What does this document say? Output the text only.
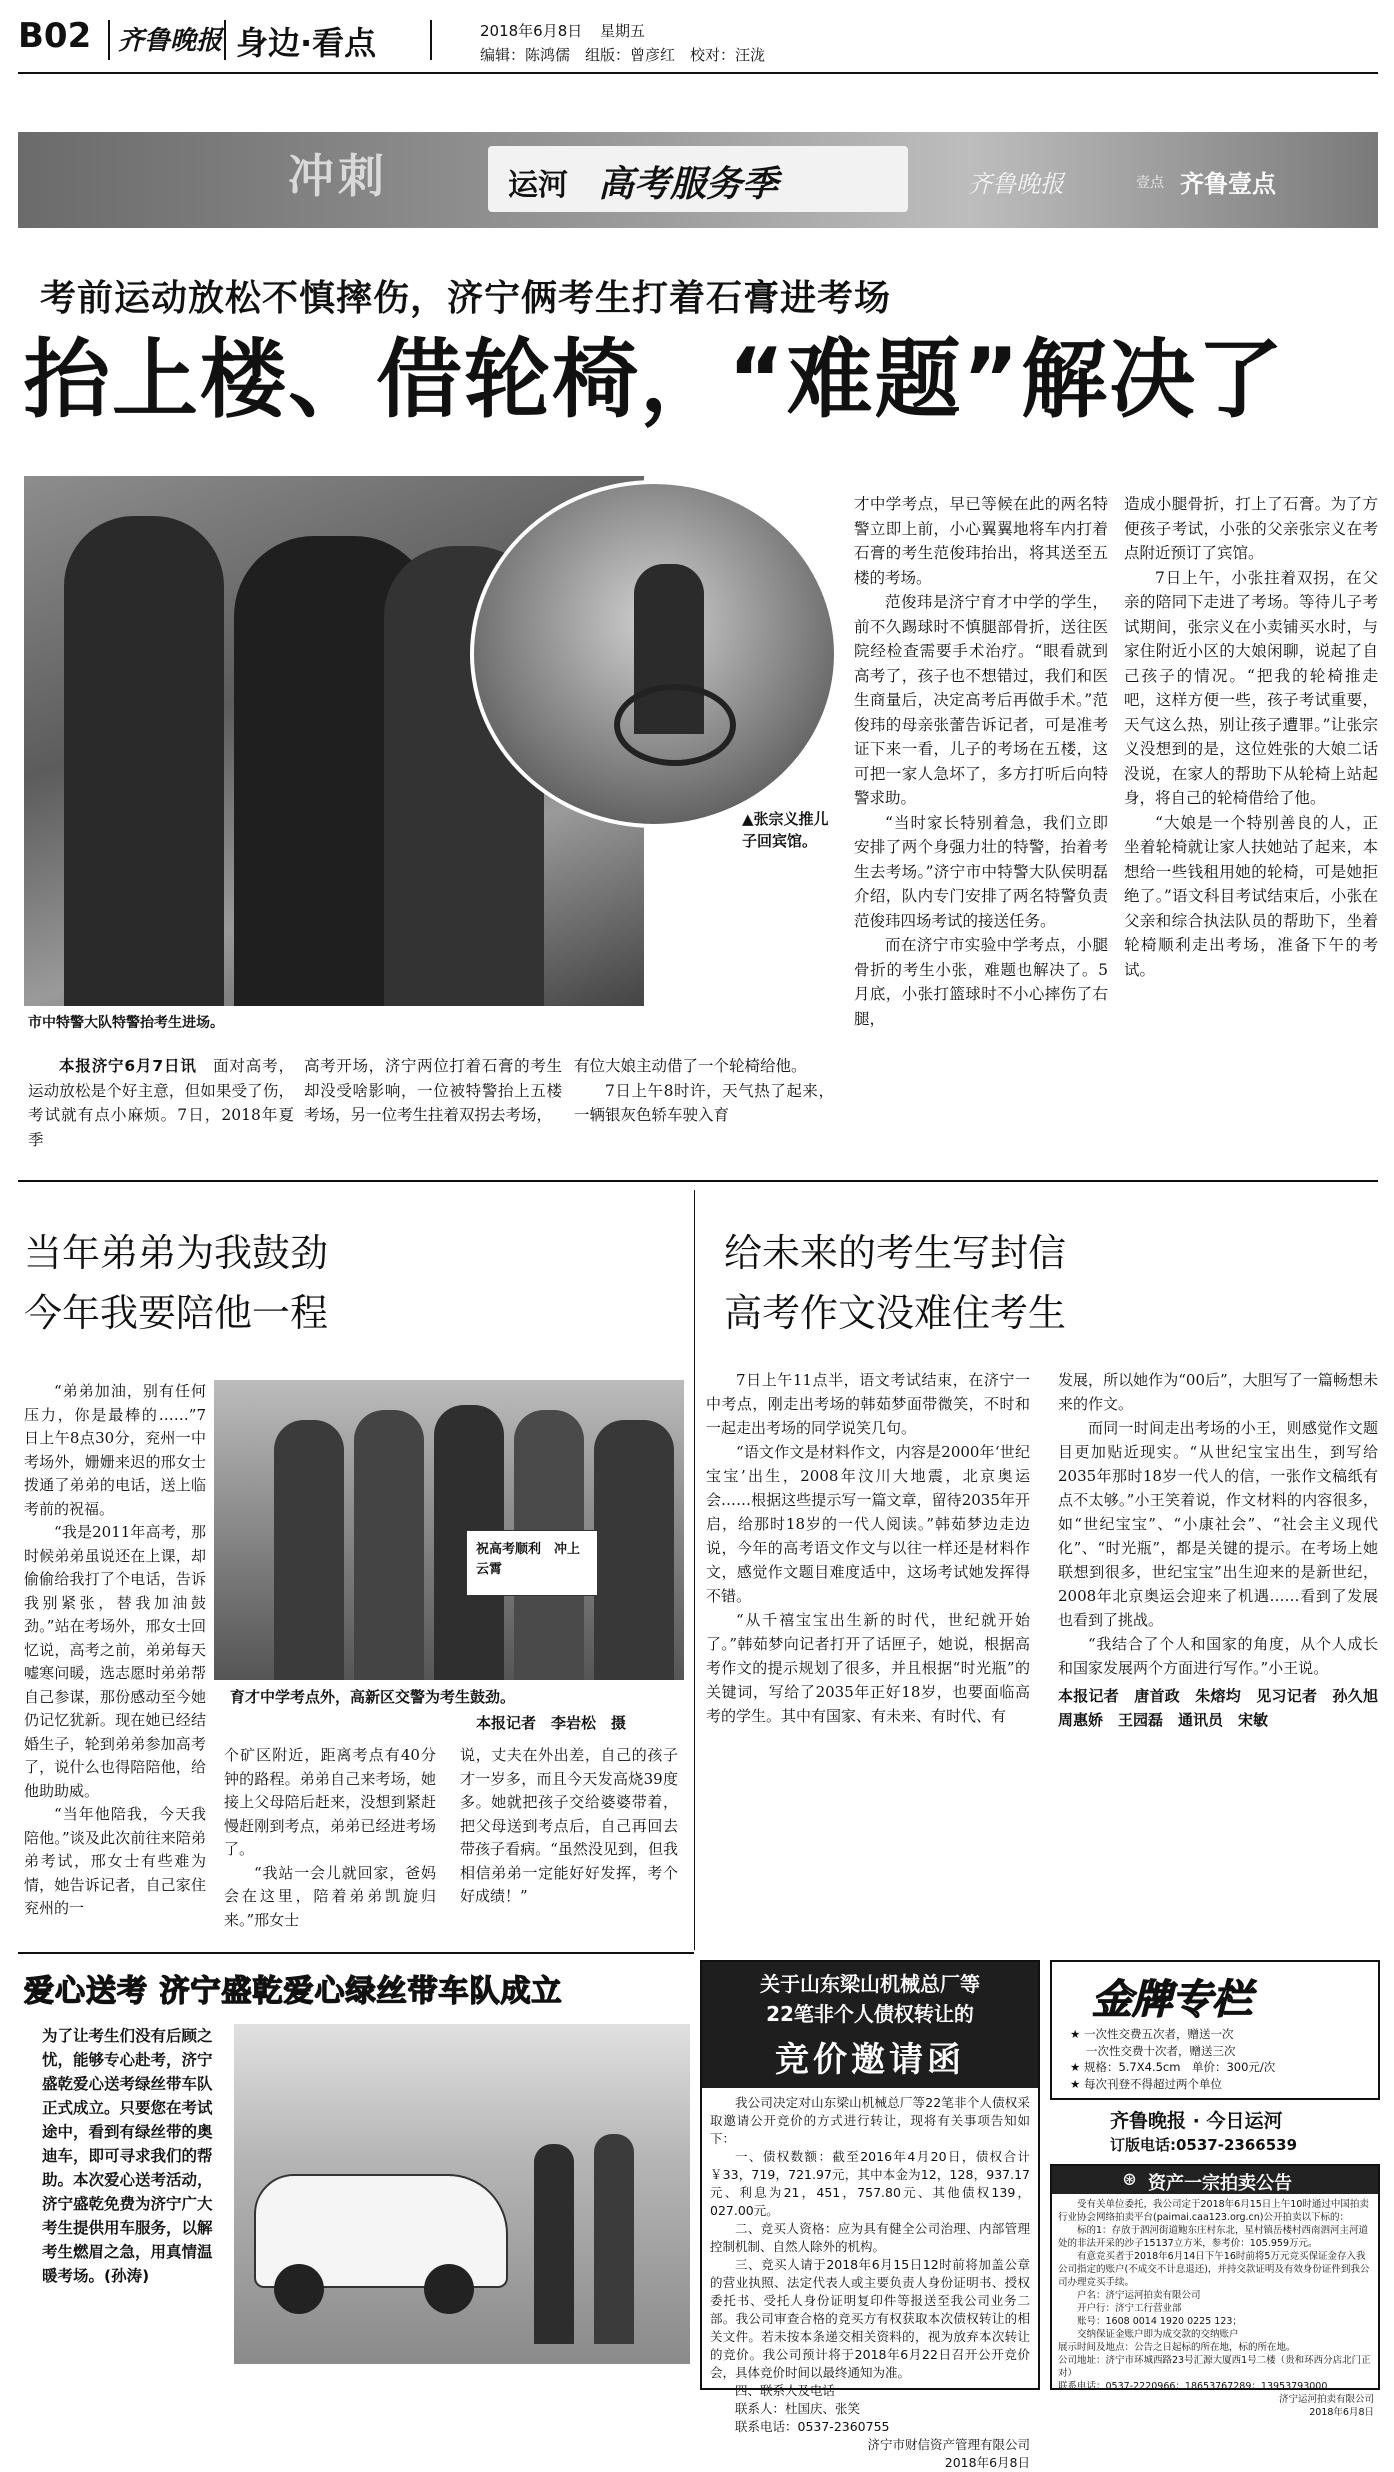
B02 齐鲁晚报 身边·看点	2018年6月8日 星期五
编辑：陈鸿儒　组版：曾彦红　校对：汪泷
冲刺	运河 高考服务季	齐鲁晚报	壹点 齐鲁壹点
考前运动放松不慎摔伤，济宁俩考生打着石膏进考场
抬上楼、借轮椅，“难题”解决了
▲张宗义推儿子回宾馆。
市中特警大队特警抬考生进场。

本报济宁6月7日讯　 面对高考，运动放松是个好主意，但如果受了伤，考试就有点小麻烦。7日，2018年夏季

高考开场，济宁两位打着石膏的考生却没受啥影响，一位被特警抬上五楼考场，另一位考生拄着双拐去考场，

有位大娘主动借了一个轮椅给他。

7日上午8时许，天气热了起来，一辆银灰色轿车驶入育

才中学考点，早已等候在此的两名特警立即上前，小心翼翼地将车内打着石膏的考生范俊玮抬出，将其送至五楼的考场。

范俊玮是济宁育才中学的学生，前不久踢球时不慎腿部骨折，送往医院经检查需要手术治疗。“眼看就到高考了，孩子也不想错过，我们和医生商量后，决定高考后再做手术。”范俊玮的母亲张蕾告诉记者，可是准考证下来一看，儿子的考场在五楼，这可把一家人急坏了，多方打听后向特警求助。

“当时家长特别着急，我们立即安排了两个身强力壮的特警，抬着考生去考场。”济宁市中特警大队侯明磊介绍，队内专门安排了两名特警负责范俊玮四场考试的接送任务。

而在济宁市实验中学考点，小腿骨折的考生小张，难题也解决了。5月底，小张打篮球时不小心摔伤了右腿，

造成小腿骨折，打上了石膏。为了方便孩子考试，小张的父亲张宗义在考点附近预订了宾馆。

7日上午，小张拄着双拐，在父亲的陪同下走进了考场。等待儿子考试期间，张宗义在小卖铺买水时，与家住附近小区的大娘闲聊，说起了自己孩子的情况。“把我的轮椅推走吧，这样方便一些，孩子考试重要，天气这么热，别让孩子遭罪。”让张宗义没想到的是，这位姓张的大娘二话没说，在家人的帮助下从轮椅上站起身，将自己的轮椅借给了他。

“大娘是一个特别善良的人，正坐着轮椅就让家人扶她站了起来，本想给一些钱租用她的轮椅，可是她拒绝了。”语文科目考试结束后，小张在父亲和综合执法队员的帮助下，坐着轮椅顺利走出考场，准备下午的考试。

当年弟弟为我鼓劲
今年我要陪他一程

“弟弟加油，别有任何压力，你是最棒的……”7日上午8点30分，兖州一中考场外，姗姗来迟的邢女士拨通了弟弟的电话，送上临考前的祝福。

“我是2011年高考，那时候弟弟虽说还在上课，却偷偷给我打了个电话，告诉我别紧张，替我加油鼓劲。”站在考场外，邢女士回忆说，高考之前，弟弟每天嘘寒问暖，选志愿时弟弟帮自己参谋，那份感动至今她仍记忆犹新。现在她已经结婚生子，轮到弟弟参加高考了，说什么也得陪陪他，给他助助威。

“当年他陪我，今天我陪他。”谈及此次前往来陪弟弟考试，邢女士有些难为情，她告诉记者，自己家住兖州的一

祝高考顺利　冲上云霄
育才中学考点外，高新区交警为考生鼓劲。
本报记者　李岩松　摄

个矿区附近，距离考点有40分钟的路程。弟弟自己来考场，她接上父母陪后赶来，没想到紧赶慢赶刚到考点，弟弟已经进考场了。

“我站一会儿就回家，爸妈会在这里，陪着弟弟凯旋归来。”邢女士

说，丈夫在外出差，自己的孩子才一岁多，而且今天发高烧39度多。她就把孩子交给婆婆带着，把父母送到考点后，自己再回去带孩子看病。“虽然没见到，但我相信弟弟一定能好好发挥，考个好成绩！”

给未来的考生写封信
高考作文没难住考生

7日上午11点半，语文考试结束，在济宁一中考点，刚走出考场的韩茹梦面带微笑，不时和一起走出考场的同学说笑几句。

“语文作文是材料作文，内容是2000年‘世纪宝宝’出生，2008年汶川大地震，北京奥运会……根据这些提示写一篇文章，留待2035年开启，给那时18岁的一代人阅读。”韩茹梦边走边说，今年的高考语文作文与以往一样还是材料作文，感觉作文题目难度适中，这场考试她发挥得不错。

“从千禧宝宝出生新的时代，世纪就开始了。”韩茹梦向记者打开了话匣子，她说，根据高考作文的提示规划了很多，并且根据“时光瓶”的关键词，写给了2035年正好18岁，也要面临高考的学生。其中有国家、有未来、有时代、有

发展，所以她作为“00后”，大胆写了一篇畅想未来的作文。

而同一时间走出考场的小王，则感觉作文题目更加贴近现实。“从世纪宝宝出生，到写给2035年那时18岁一代人的信，一张作文稿纸有点不太够。”小王笑着说，作文材料的内容很多，如“世纪宝宝”、“小康社会”、“社会主义现代化”、“时光瓶”，都是关键的提示。在考场上她联想到很多，世纪宝宝”出生迎来的是新世纪，2008年北京奥运会迎来了机遇……看到了发展也看到了挑战。

“我结合了个人和国家的角度，从个人成长和国家发展两个方面进行写作。”小王说。

本报记者　唐首政　朱熔均　见习记者　孙久旭　周惠娇　王园磊　通讯员　宋敏

爱心送考 济宁盛乾爱心绿丝带车队成立
为了让考生们没有后顾之忧，能够专心赴考，济宁盛乾爱心送考绿丝带车队正式成立。只要您在考试途中，看到有绿丝带的奥迪车，即可寻求我们的帮助。本次爱心送考活动，济宁盛乾免费为济宁广大考生提供用车服务，以解考生燃眉之急，用真情温暖考场。(孙涛)
关于山东梁山机械总厂等
22笔非个人债权转让的
竞价邀请函

我公司决定对山东梁山机械总厂等22笔非个人债权采取邀请公开竞价的方式进行转让，现将有关事项告知如下：

一、债权数额：截至2016年4月20日，债权合计￥33，719，721.97元，其中本金为12，128，937.17元、利息为21，451，757.80元、其他债权139，027.00元。

二、竞买人资格：应为具有健全公司治理、内部管理控制机制、自然人除外的机构。

三、竞买人请于2018年6月15日12时前将加盖公章的营业执照、法定代表人或主要负责人身份证明书、授权委托书、受托人身份证明复印件等报送至我公司业务二部。我公司审查合格的竞买方有权获取本次债权转让的相关文件。若未按本条递交相关资料的，视为放弃本次转让的竞价。我公司预计将于2018年6月22日召开公开竞价会，具体竞价时间以最终通知为准。

四、联系人及电话

联系人：杜国庆、张笑

联系电话：0537-2360755

济宁市财信资产管理有限公司

2018年6月8日

金牌专栏
★ 一次性交费五次者，赠送一次
一次性交费十次者，赠送三次
★ 规格：5.7X4.5cm　单价：300元/次
★ 每次刊登不得超过两个单位
齐鲁晚报 · 今日运河
订版电话:0537-2366539
⊛ 资产一宗拍卖公告
受有关单位委托，我公司定于2018年6月15日上午10时通过中国拍卖行业协会网络拍卖平台(paimai.caa123.org.cn)公开拍卖以下标的：
标的1：存放于泗河街道鲍东庄村东北，星村镇岳楼村西南泗河主河道处的非法开采的沙子15137立方米，参考价：105.959万元。
有意竞买者于2018年6月14日下午16时前将5万元竞买保证金存入我公司指定的账户(不成交不计息退还)，并持交款证明及有效身份证件到我公司办理竞买手续。
户名：济宁运河拍卖有限公司
开户行：济宁工行营业部
账号：1608 0014 1920 0225 123；
交纳保证金账户即为成交款的交纳账户
展示时间及地点：公告之日起标的所在地，标的所在地。
公司地址：济宁市环城西路23号汇源大厦西1号二楼（贵和环西分店北门正对）
联系电话：0537-2220966；18653767289；13953793000
济宁运河拍卖有限公司
2018年6月8日
